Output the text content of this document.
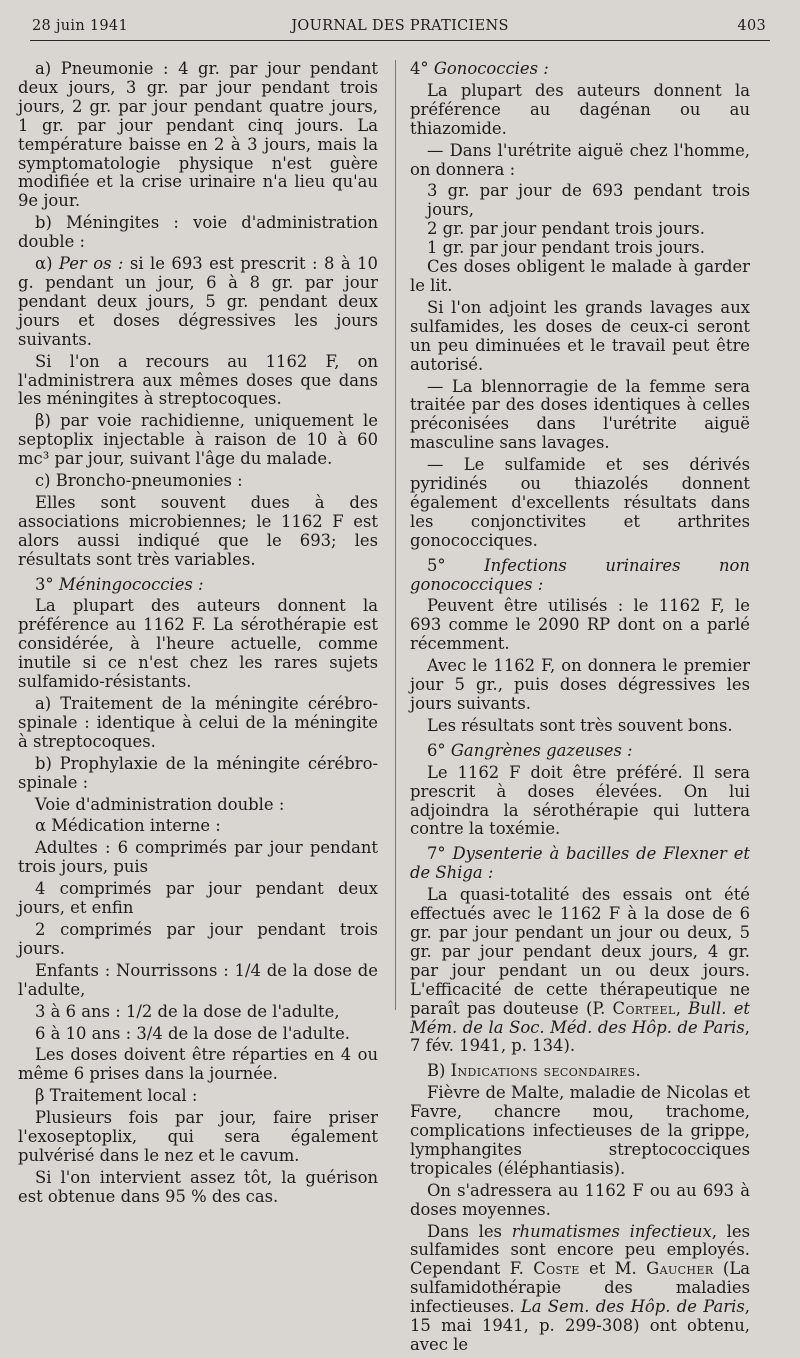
28 juin 1941	JOURNAL DES PRATICIENS	403

a) Pneumonie : 4 gr. par jour pendant deux jours, 3 gr. par jour pendant trois jours, 2 gr. par jour pendant quatre jours, 1 gr. par jour pendant cinq jours. La température baisse en 2 à 3 jours, mais la symptomatologie physique n'est guère modifiée et la crise urinaire n'a lieu qu'au 9e jour.

b) Méningites : voie d'administration double :

α) Per os : si le 693 est prescrit : 8 à 10 g. pendant un jour, 6 à 8 gr. par jour pendant deux jours, 5 gr. pendant deux jours et doses dégressives les jours suivants.

Si l'on a recours au 1162 F, on l'administrera aux mêmes doses que dans les méningites à streptocoques.

β) par voie rachidienne, uniquement le septoplix injectable à raison de 10 à 60 mc³ par jour, suivant l'âge du malade.

c) Broncho-pneumonies :

Elles sont souvent dues à des associations microbiennes; le 1162 F est alors aussi indiqué que le 693; les résultats sont très variables.

3° Méningococcies :

La plupart des auteurs donnent la préférence au 1162 F. La sérothérapie est considérée, à l'heure actuelle, comme inutile si ce n'est chez les rares sujets sulfamido-résistants.

a) Traitement de la méningite cérébro-spinale : identique à celui de la méningite à streptocoques.

b) Prophylaxie de la méningite cérébro-spinale :

Voie d'administration double :

α Médication interne :

Adultes : 6 comprimés par jour pendant trois jours, puis

4 comprimés par jour pendant deux jours, et enfin

2 comprimés par jour pendant trois jours.

Enfants : Nourrissons : 1/4 de la dose de l'adulte,

3 à 6 ans : 1/2 de la dose de l'adulte,

6 à 10 ans : 3/4 de la dose de l'adulte.

Les doses doivent être réparties en 4 ou même 6 prises dans la journée.

β Traitement local :

Plusieurs fois par jour, faire priser l'exoseptoplix, qui sera également pulvérisé dans le nez et le cavum.

Si l'on intervient assez tôt, la guérison est obtenue dans 95 % des cas.

4° Gonococcies :

La plupart des auteurs donnent la préférence au dagénan ou au thiazomide.

— Dans l'urétrite aiguë chez l'homme, on donnera :

3 gr. par jour de 693 pendant trois jours,

2 gr. par jour pendant trois jours.

1 gr. par jour pendant trois jours.

Ces doses obligent le malade à garder le lit.

Si l'on adjoint les grands lavages aux sulfamides, les doses de ceux-ci seront un peu diminuées et le travail peut être autorisé.

— La blennorragie de la femme sera traitée par des doses identiques à celles préconisées dans l'urétrite aiguë masculine sans lavages.

— Le sulfamide et ses dérivés pyridinés ou thiazolés donnent également d'excellents résultats dans les conjonctivites et arthrites gonococciques.

5° Infections urinaires non gonococciques :

Peuvent être utilisés : le 1162 F, le 693 comme le 2090 RP dont on a parlé récemment.

Avec le 1162 F, on donnera le premier jour 5 gr., puis doses dégressives les jours suivants.

Les résultats sont très souvent bons.

6° Gangrènes gazeuses :

Le 1162 F doit être préféré. Il sera prescrit à doses élevées. On lui adjoindra la sérothérapie qui luttera contre la toxémie.

7° Dysenterie à bacilles de Flexner et de Shiga :

La quasi-totalité des essais ont été effectués avec le 1162 F à la dose de 6 gr. par jour pendant un jour ou deux, 5 gr. par jour pendant deux jours, 4 gr. par jour pendant un ou deux jours. L'efficacité de cette thérapeutique ne paraît pas douteuse (P. Corteel, Bull. et Mém. de la Soc. Méd. des Hôp. de Paris, 7 fév. 1941, p. 134).

B) Indications secondaires.

Fièvre de Malte, maladie de Nicolas et Favre, chancre mou, trachome, complications infectieuses de la grippe, lymphangites streptococciques tropicales (éléphantiasis).

On s'adressera au 1162 F ou au 693 à doses moyennes.

Dans les rhumatismes infectieux, les sulfamides sont encore peu employés. Cependant F. Coste et M. Gaucher (La sulfamidothérapie des maladies infectieuses. La Sem. des Hôp. de Paris, 15 mai 1941, p. 299-308) ont obtenu, avec le
